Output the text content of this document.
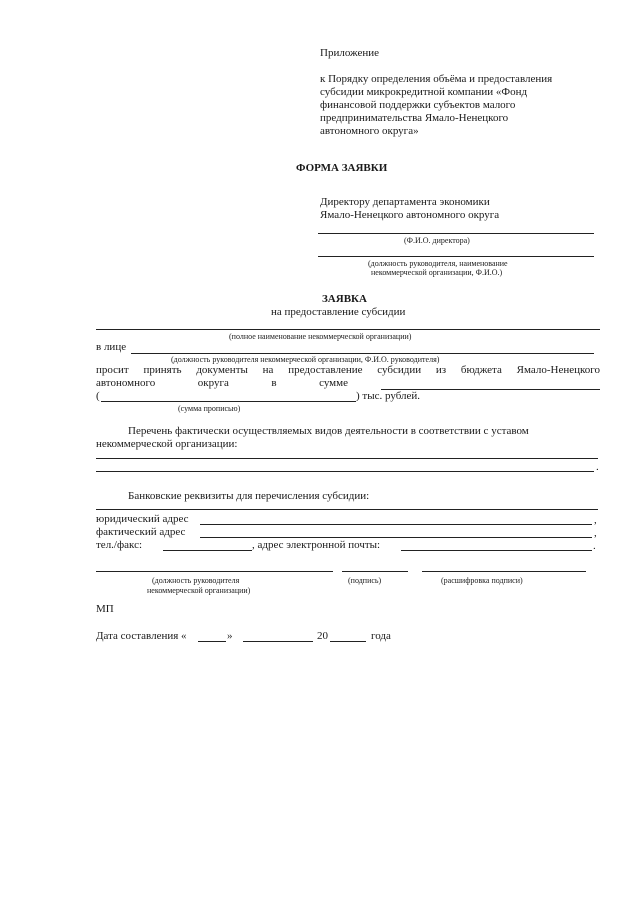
Приложение
к Порядку определения объёма и предоставления
субсидии микрокредитной компании «Фонд
финансовой поддержки субъектов малого
предпринимательства Ямало-Ненецкого
автономного округа»
ФОРМА ЗАЯВКИ
Директору департамента экономики
Ямало-Ненецкого автономного округа
(Ф.И.О. директора)
(должность руководителя, наименование
некоммерческой организации, Ф.И.О.)
ЗАЯВКА
на предоставление субсидии
(полное наименование некоммерческой организации)
в лице
(должность руководителя некоммерческой организации, Ф.И.О. руководителя)
просит принять документы на предоставление субсидии из бюджета Ямало-Ненецкого
автономного	округа	в	сумме
(	) тыс. рублей.
(сумма прописью)
Перечень фактически осуществляемых видов деятельности в соответствии с уставом
некоммерческой организации:
.
Банковские реквизиты для перечисления субсидии:
юридический адрес	,
фактический адрес	,
тел./факс:	, адрес электронной почты:	.
(должность руководителя
некоммерческой организации)
(подпись)	(расшифровка подписи)
МП
Дата составления «	»	20	года
